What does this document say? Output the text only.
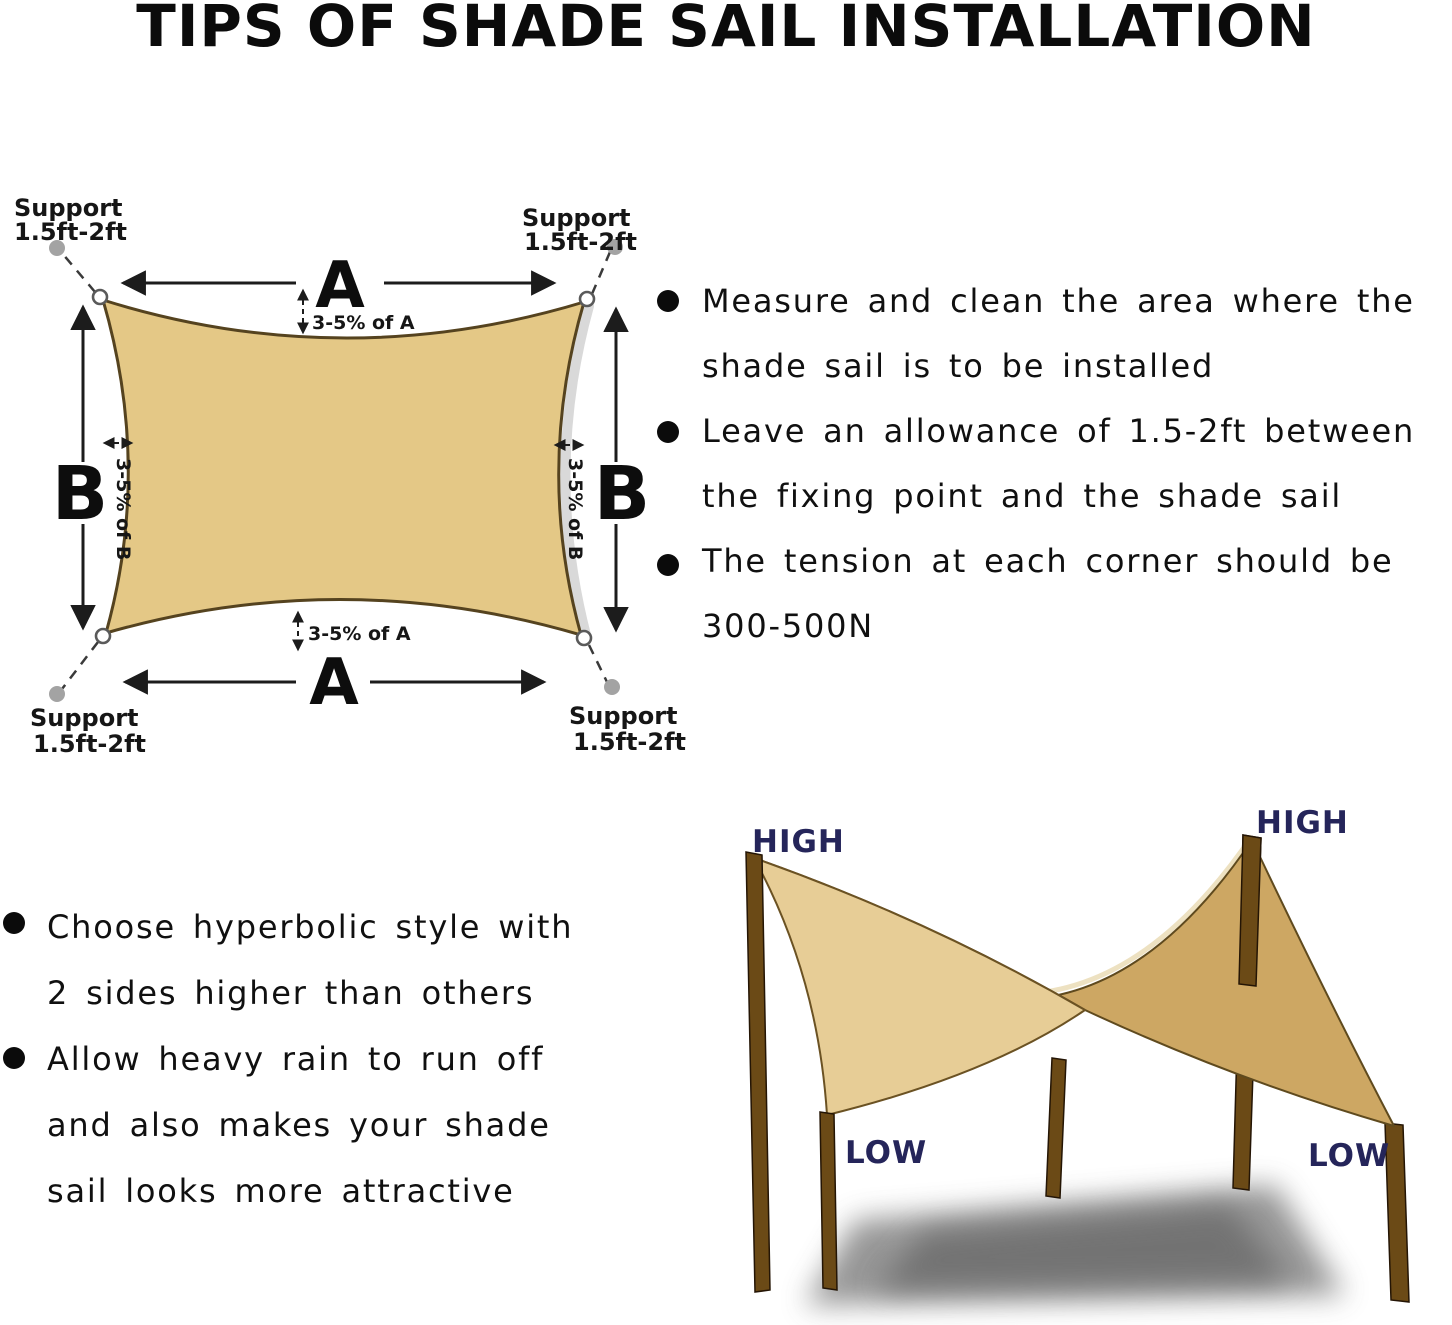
TIPS OF SHADE SAIL INSTALLATION
A
A
B	B
3-5% of A
3-5% of A
3-5% of B	3-5% of B
Support
1.5ft-2ft	Support
1.5ft-2ft
Support
1.5ft-2ft
Support
1.5ft-2ft
Measure and clean the area where the
shade sail is to be installed
Leave an allowance of 1.5-2ft between
the fixing point and the shade sail
The tension at each corner should be
300-500N
Choose hyperbolic style with
2 sides higher than others
Allow heavy rain to run off
and also makes your shade
sail looks more attractive
HIGH
HIGH
LOW	LOW
